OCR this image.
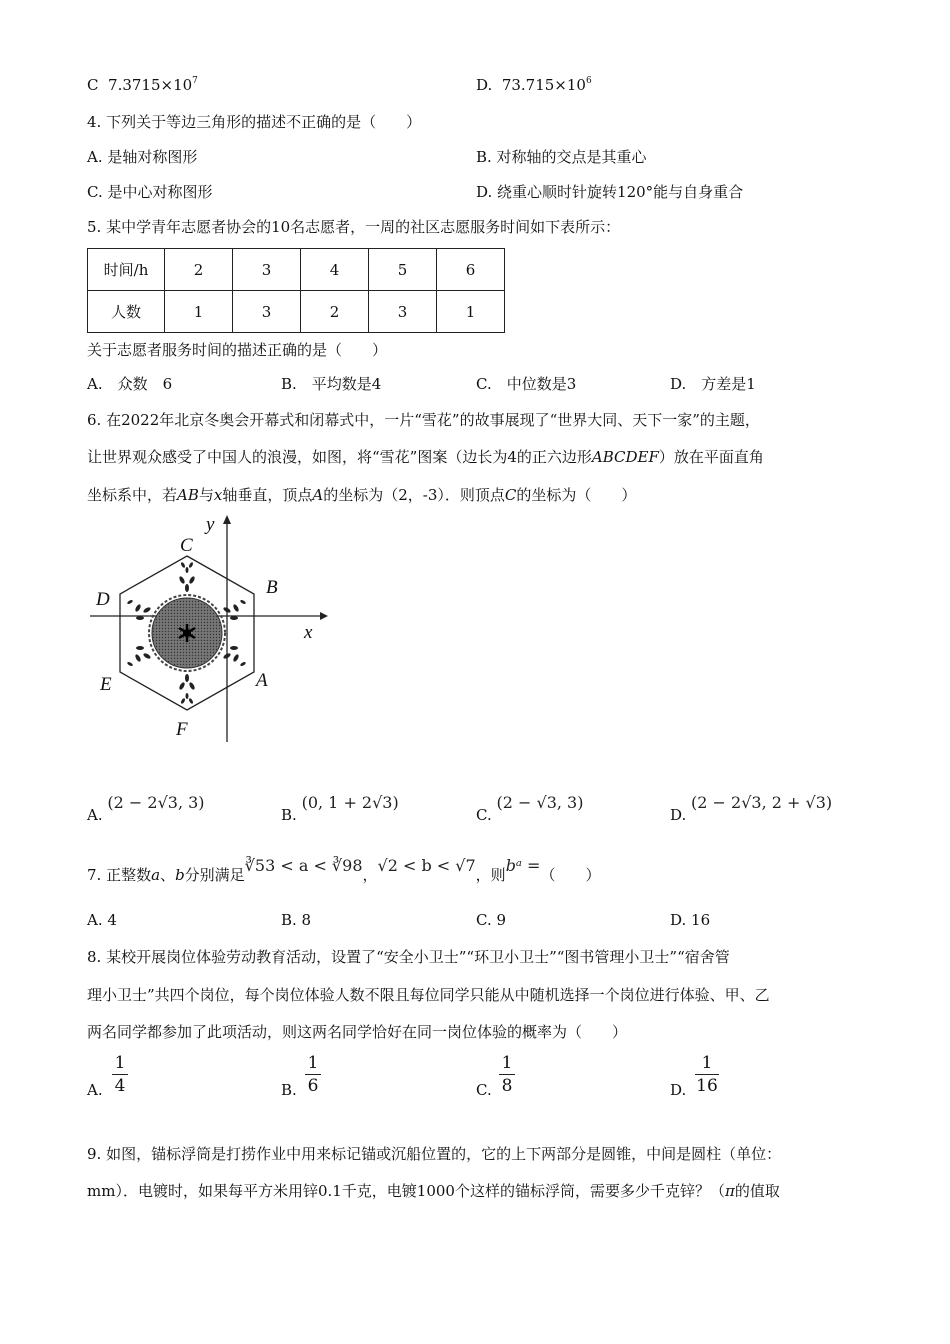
C $7.3715\times 10^7$	D. $73.715\times 10^6$
4. 下列关于等边三角形的描述不正确的是（　　）
A. 是轴对称图形	B. 对称轴的交点是其重心
C. 是中心对称图形	D. 绕重心顺时针旋转120°能与自身重合
5. 某中学青年志愿者协会的10名志愿者，一周的社区志愿服务时间如下表所示：
时间/h	2	3	4	5	6
人数	1	3	2	3	1
关于志愿者服务时间的描述正确的是（　　）
A.　众数　6	B.　平均数是4	C.　中位数是3	D.　方差是1
6. 在2022年北京冬奥会开幕式和闭幕式中，一片“雪花”的故事展现了“世界大同、天下一家”的主题，
让世界观众感受了中国人的浪漫，如图，将“雪花”图案（边长为4的正六边形ABCDEF）放在平面直角
坐标系中，若AB与x轴垂直，顶点A的坐标为（2，-3）．则顶点C的坐标为（　　）
y
x
C
B
D
E	A
F
A. (2 − 2√3, 3)
B. (0, 1 + 2√3)
C. (2 − √3, 3)
D. (2 − 2√3, 2 + √3)
7. 正整数a、b分别满足∛53 < a < ∛98，√2 < b < √7，则bᵃ =（　　）
A. 4	B. 8	C. 9	D. 16
8. 某校开展岗位体验劳动教育活动，设置了“安全小卫士”“环卫小卫士”“图书管理小卫士”“宿舍管
理小卫士”共四个岗位，每个岗位体验人数不限且每位同学只能从中随机选择一个岗位进行体验、甲、乙
两名同学都参加了此项活动，则这两名同学恰好在同一岗位体验的概率为（　　）
A.
1
4	B.
1
6	C.
1
8	D.
1
16
9. 如图，锚标浮筒是打捞作业中用来标记锚或沉船位置的，它的上下两部分是圆锥，中间是圆柱（单位：
mm）．电镀时，如果每平方米用锌0.1千克，电镀1000个这样的锚标浮筒，需要多少千克锌？（π的值取
